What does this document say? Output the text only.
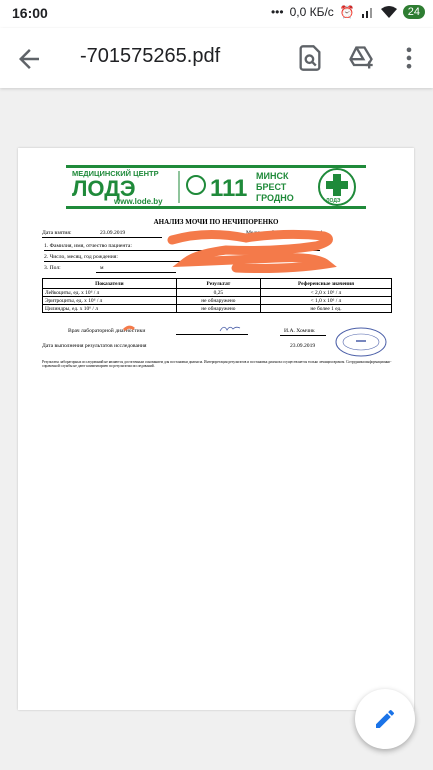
16:00	••• 0,0 КБ/с ⏰	24
-701575265.pdf
МЕДИЦИНСКИЙ ЦЕНТР
ЛОДЭ
www.lode.by 111 МИНСК
БРЕСТ
ГРОДНО	ЛОДЭ
АНАЛИЗ МОЧИ ПО НЕЧИПОРЕНКО
Дата взятия:	23.09.2019	Медцурный (Гикало 1) Гикало 1
1. Фамилия, имя, отчество пациента:
2. Число, месяц, год рождения:
3. Пол:	м
Показатели	Результат	Референсные значения
Лейкоциты, ед. х 10⁶ / л	0,25	< 2,0 х 10⁶ / л
Эритроциты, ед. х 10⁶ / л	не обнаружено	< 1,0 х 10⁶ / л
Цилиндры, ед. х 10⁶ / л	не обнаружено	не более 1 ед.
Врач лабораторной диагностики	И.А. Хомчик
Дата выполнения результатов исследования	23.09.2019
Результаты лабораторных исследований не являются достаточным основанием для постановки диагноза. Интерпретация результатов и постановка диагноза осуществляется только лечащим врачом. Сотрудники информационно-справочной службы не дают комментариев по результатам исследований.
